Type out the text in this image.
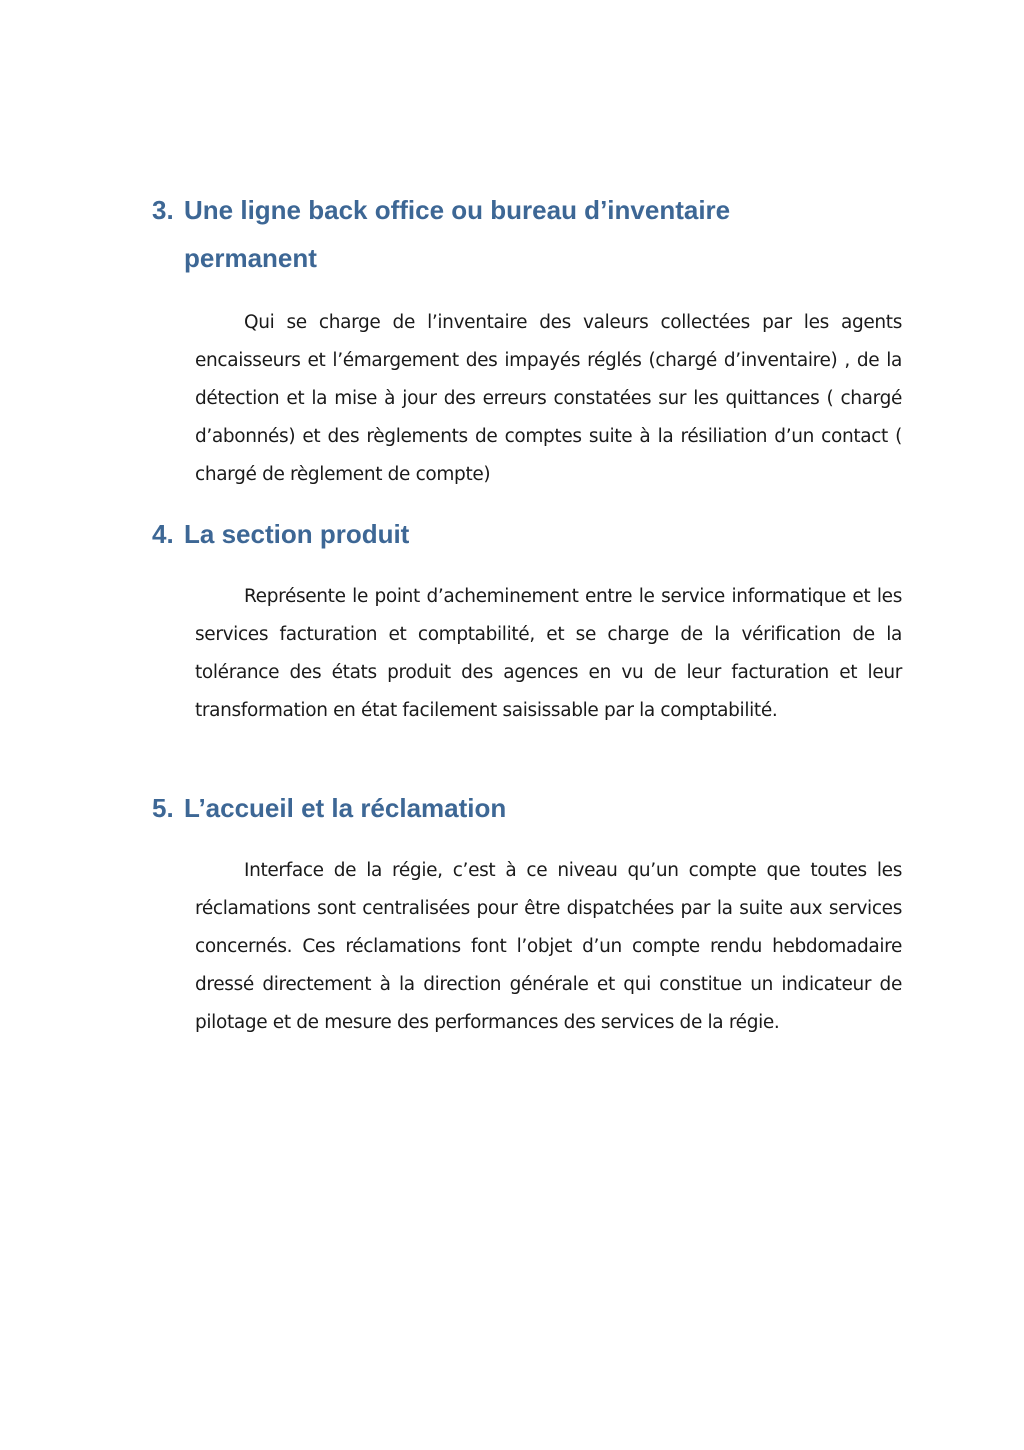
3. Une ligne back office ou bureau d’inventaire
permanent

Qui se charge de l’inventaire des valeurs collectées par les agents encaisseurs et l’émargement des impayés réglés (chargé d’inventaire) , de la détection et la mise à jour des erreurs constatées sur les quittances ( chargé d’abonnés) et des règlements de comptes suite à la résiliation d’un contact ( chargé de règlement de compte)

4. La section produit

Représente le point d’acheminement entre le service informatique et les services facturation et comptabilité, et se charge de la vérification de la tolérance des états produit des agences en vu de leur facturation et leur transformation en état facilement saisissable par la comptabilité.

5. L’accueil et la réclamation

Interface de la régie, c’est à ce niveau qu’un compte que toutes les réclamations sont centralisées pour être dispatchées par la suite aux services concernés. Ces réclamations font l’objet d’un compte rendu hebdomadaire dressé directement à la direction générale et qui constitue un indicateur de pilotage et de mesure des performances des services de la régie.
